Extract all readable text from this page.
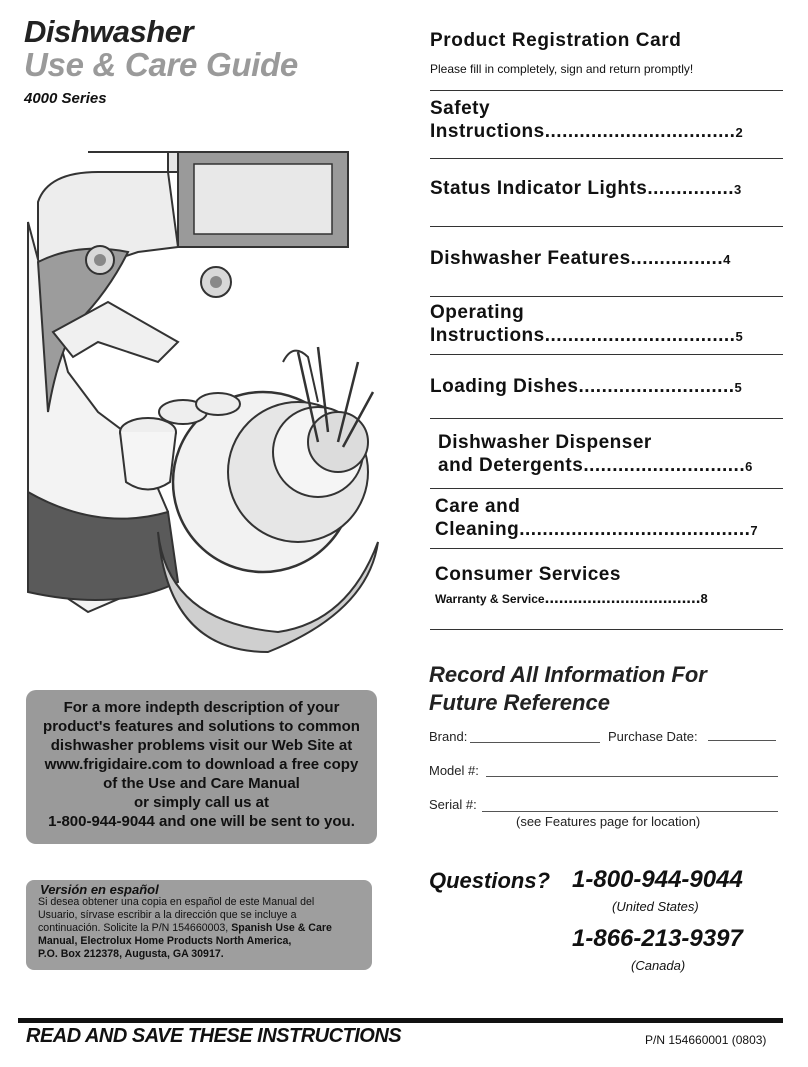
Dishwasher
Use & Care Guide
4000 Series
Product Registration Card
Please fill in completely, sign and return promptly!
Safety
Instructions.................................2
Status Indicator Lights...............3
Dishwasher Features................4
Operating
Instructions.................................5
Loading Dishes...........................5
Dishwasher Dispenser
and Detergents............................6
Care and
Cleaning........................................7
Consumer Services
Warranty & Service.................................8
For a more indepth description of your
product's features and solutions to common
dishwasher problems visit our Web Site at
www.frigidaire.com to download a free copy
of the Use and Care Manual
or simply call us at
1-800-944-9044 and one will be sent to you.
Versión en español
Si desea obtener una copia en español de este Manual del
Usuario, sírvase escribir a la dirección que se incluye a
continuación. Solicite la P/N 154660003, Spanish Use & Care
Manual, Electrolux Home Products North America,
P.O. Box 212378, Augusta, GA 30917.
Record All Information For
Future Reference
Brand:	Purchase Date:
Model #:
Serial #:
(see Features page for location)
Questions? 1-800-944-9044
(United States)
1-866-213-9397
(Canada)
READ AND SAVE THESE INSTRUCTIONS	P/N 154660001 (0803)
